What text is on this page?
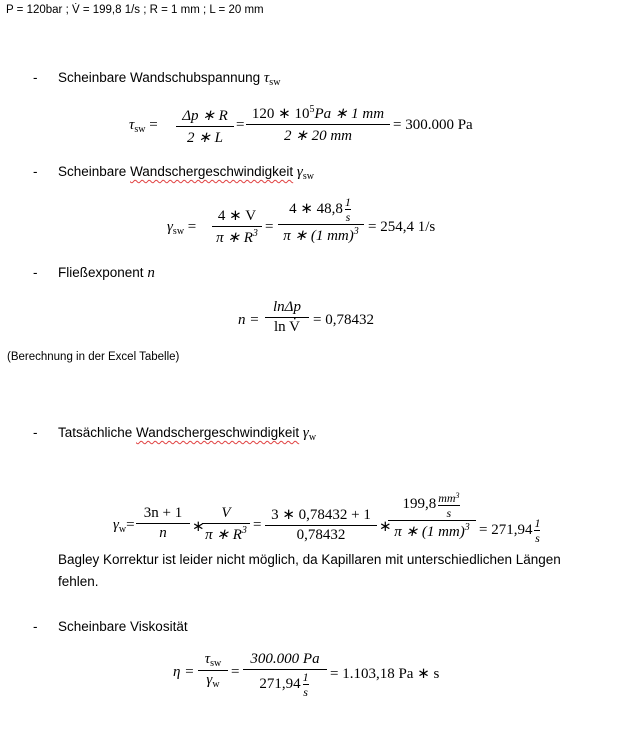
P = 120bar ; V̇ = 199,8 1/s ; R = 1 mm ; L = 20 mm
- Scheinbare Wandschubspannung $\tau_{sw}$
$\tau_{sw}$ =
Δp ∗ R
2 ∗ L
=
120 ∗ $10^5Pa$ ∗ 1 mm
2 ∗ 20 mm
= 300.000 Pa
- Scheinbare Wandschergeschwindigkeit $\gamma_{sw}$
$\gamma_{sw}$ =
4 ∗ V
π ∗ $R^3$ =
4 ∗ $48,8 \frac{1}{s}$
π ∗ (1 mm)$^3$ = 254,4 1/s
- Fließexponent n
n =
lnΔp
ln V̇ = 0,78432
(Berechnung in der Excel Tabelle)
- Tatsächliche Wandschergeschwindigkeit $\gamma_w$
$\gamma_w=$
3n + 1
n	∗
V
π ∗ $R^3$ =
3 ∗ 0,78432 + 1
0,78432	∗
$199,8 \frac{mm^3}{s}$
π ∗ (1 $mm)^3 = 271,94 \frac{1}{s}$
Bagley Korrektur ist leider nicht möglich, da Kapillaren mit unterschiedlichen Längen
fehlen.
- Scheinbare Viskosität
η =
$\tau_{sw}$
$\gamma_w$
=
300.000 Pa
$271,94 \frac{1}{s} = 1.103,18$ Pa ∗ s
